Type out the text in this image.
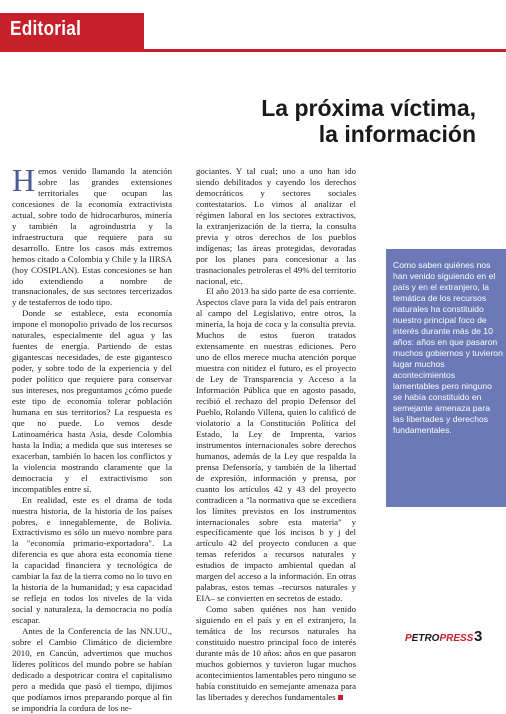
Editorial
La próxima víctima,
la información

Hemos venido llamando la atención sobre las grandes extensiones territoriales que ocupan las concesiones de la economía extractivista actual, sobre todo de hidrocarburos, minería y también la agroindustria y la infraestructura que requiere para su desarrollo. Entre los casos más extremos hemos citado a Colombia y Chile y la IIRSA (hoy COSIPLAN). Estas concesiones se han ido extendiendo a nombre de transnacionales, de sus sectores tercerizados y de testaferros de todo tipo.

Donde se establece, esta economía impone el monopolio privado de los recursos naturales, especialmente del agua y las fuentes de energía. Partiendo de estas gigantescas necesidades, de este gigantesco poder, y sobre todo de la experiencia y del poder político que requiere para conservar sus intereses, nos preguntamos ¿cómo puede este tipo de economía tolerar población humana en sus territorios? La respuesta es que no puede. Lo vemos desde Latinoamérica hasta Asia, desde Colombia hasta la India; a medida que sus intereses se exacerban, también lo hacen los conflictos y la violencia mostrando claramente que la democracia y el extractivismo son incompatibles entre sí.

En realidad, este es el drama de toda nuestra historia, de la historia de los países pobres, e innegablemente, de Bolivia. Extractivismo es sólo un nuevo nombre para la "economía primario-exportadora". La diferencia es que ahora esta economía tiene la capacidad financiera y tecnológica de cambiar la faz de la tierra como no lo tuvo en la historia de la humanidad; y esa capacidad se refleja en todos los niveles de la vida social y naturaleza, la democracia no podía escapar.

Antes de la Conferencia de las NN.UU., sobre el Cambio Climático de diciembre 2010, en Cancún, advertimos que muchos líderes políticos del mundo pobre se habían dedicado a despotricar contra el capitalismo pero a medida que pasó el tiempo, dijimos que podíamos irnos preparando porque al fin se impondría la cordura de los ne-

gociantes. Y tal cual; uno a uno han ido siendo debilitados y cayendo los derechos democráticos y sectores sociales contestatarios. Lo vimos al analizar el régimen laboral en los sectores extractivos, la extranjerización de la tierra, la consulta previa y otros derechos de los pueblos indígenas; las áreas protegidas, devoradas por los planes para concesionar a las trasnacionales petroleras el 49% del territorio nacional, etc.

El año 2013 ha sido parte de esa corriente. Aspectos clave para la vida del país entraron al campo del Legislativo, entre otros, la minería, la hoja de coca y la consulta previa. Muchos de estos fueron tratados extensamente en nuestras ediciones. Pero uno de ellos merece mucha atención porque muestra con nitidez el futuro, es el proyecto de Ley de Transparencia y Acceso a la Información Pública que en agosto pasado, recibió el rechazo del propio Defensor del Pueblo, Rolando Villena, quien lo calificó de violatorio a la Constitución Política del Estado, la Ley de Imprenta, varios instrumentos internacionales sobre derechos humanos, además de la Ley que respalda la prensa Defensoría, y también de la libertad de expresión, información y prensa, por cuanto los artículos 42 y 43 del proyecto contradicen a "la normativa que se excediera los límites previstos en los instrumentos internacionales sobre esta materia" y específicamente que los incisos b y j del artículo 42 del proyecto conducen a que temas referidos a recursos naturales y estudios de impacto ambiental quedan al margen del acceso a la información. En otras palabras, estos temas –recursos naturales y EIA– se convierten en secretos de estado.

Como saben quiénes nos han venido siguiendo en el país y en el extranjero, la temática de los recursos naturales ha constituido nuestro principal foco de interés durante más de 10 años: años en que pasaron muchos gobiernos y tuvieron lugar muchos acontecimientos lamentables pero ninguno se había constituido en semejante amenaza para las libertades y derechos fundamentales

Como saben quiénes nos han venido siguiendo en el país y en el extranjero, la temática de los recursos naturales ha constituido nuestro principal foco de interés durante más de 10 años: años en que pasaron muchos gobiernos y tuvieron lugar muchos acontecimientos lamentables pero ninguno se había constituido en semejante amenaza para las libertades y derechos fundamentales.
PETROPRESS 3
